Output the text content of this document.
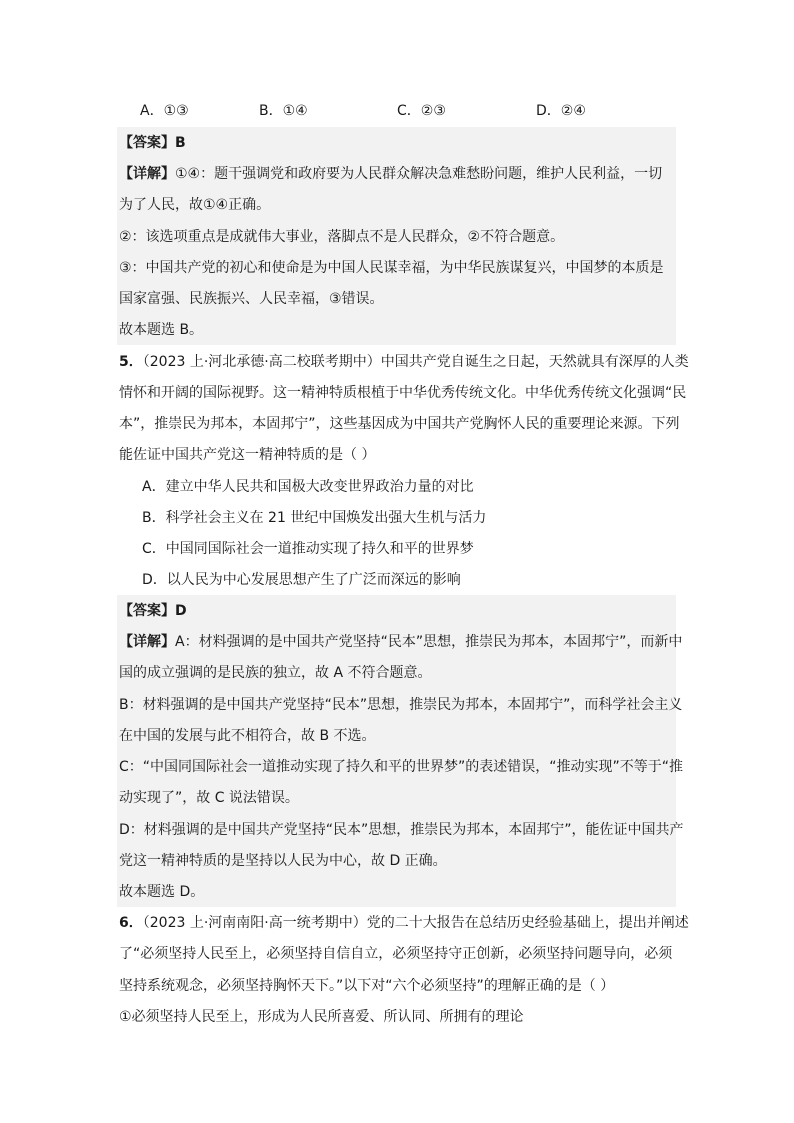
A．①③	B．①④	C．②③	D．②④
【答案】B
【详解】①④：题干强调党和政府要为人民群众解决急难愁盼问题，维护人民利益，一切
为了人民，故①④正确。
②：该选项重点是成就伟大事业，落脚点不是人民群众，②不符合题意。
③：中国共产党的初心和使命是为中国人民谋幸福，为中华民族谋复兴，中国梦的本质是
国家富强、民族振兴、人民幸福，③错误。
故本题选 B。
5．（2023 上·河北承德·高二校联考期中）中国共产党自诞生之日起，天然就具有深厚的人类
情怀和开阔的国际视野。这一精神特质根植于中华优秀传统文化。中华优秀传统文化强调“民
本”，推崇民为邦本，本固邦宁”，这些基因成为中国共产党胸怀人民的重要理论来源。下列
能佐证中国共产党这一精神特质的是（ ）
A．建立中华人民共和国极大改变世界政治力量的对比
B．科学社会主义在 21 世纪中国焕发出强大生机与活力
C．中国同国际社会一道推动实现了持久和平的世界梦
D．以人民为中心发展思想产生了广泛而深远的影响
【答案】D
【详解】A：材料强调的是中国共产党坚持“民本”思想，推崇民为邦本，本固邦宁”，而新中
国的成立强调的是民族的独立，故 A 不符合题意。
B：材料强调的是中国共产党坚持“民本”思想，推崇民为邦本，本固邦宁”，而科学社会主义
在中国的发展与此不相符合，故 B 不选。
C：“中国同国际社会一道推动实现了持久和平的世界梦”的表述错误，“推动实现”不等于“推
动实现了”，故 C 说法错误。
D：材料强调的是中国共产党坚持“民本”思想，推崇民为邦本，本固邦宁”，能佐证中国共产
党这一精神特质的是坚持以人民为中心，故 D 正确。
故本题选 D。
6．（2023 上·河南南阳·高一统考期中）党的二十大报告在总结历史经验基础上，提出并阐述
了“必须坚持人民至上，必须坚持自信自立，必须坚持守正创新，必须坚持问题导向，必须
坚持系统观念，必须坚持胸怀天下。”以下对“六个必须坚持”的理解正确的是（ ）
①必须坚持人民至上，形成为人民所喜爱、所认同、所拥有的理论
